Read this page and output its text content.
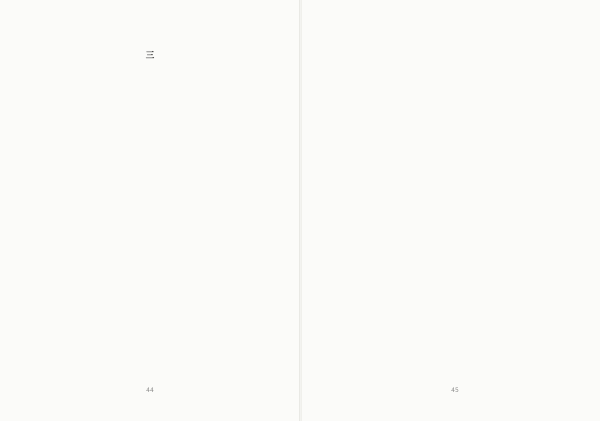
三

44	45
